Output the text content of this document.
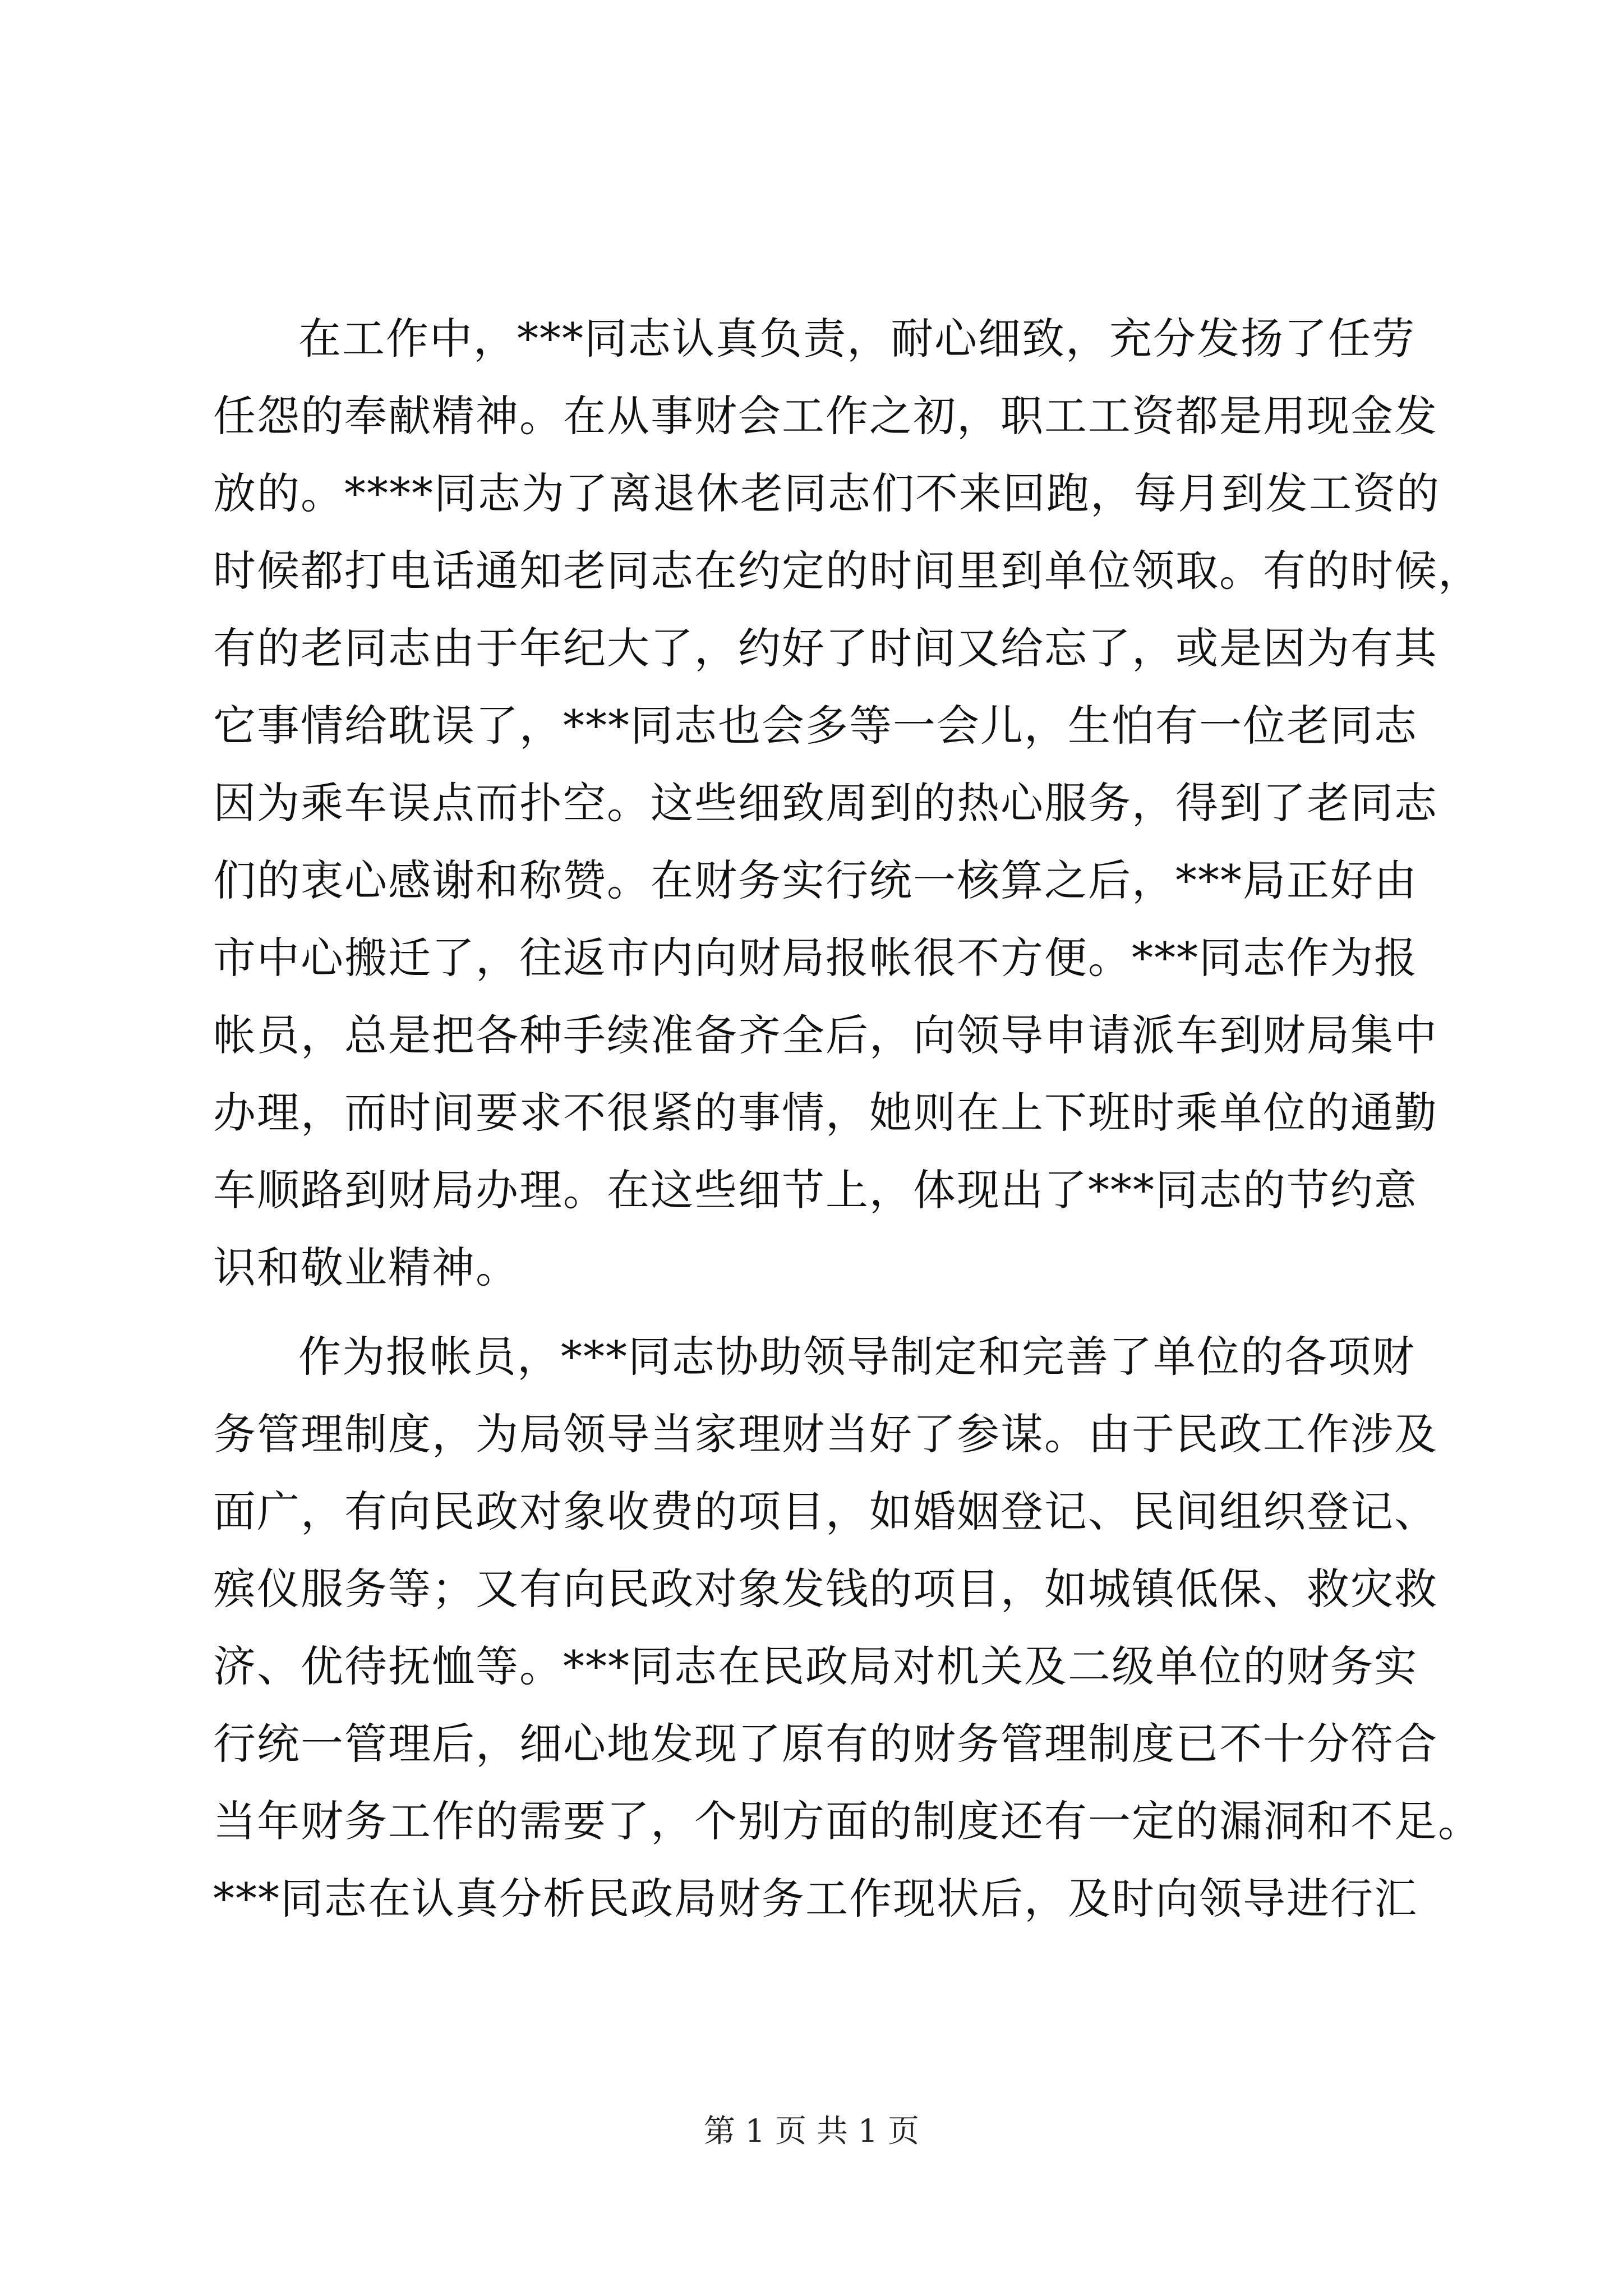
在工作中，***同志认真负责，耐心细致，充分发扬了任劳
任怨的奉献精神。在从事财会工作之初，职工工资都是用现金发
放的。****同志为了离退休老同志们不来回跑，每月到发工资的
时候都打电话通知老同志在约定的时间里到单位领取。有的时候，
有的老同志由于年纪大了，约好了时间又给忘了，或是因为有其
它事情给耽误了，***同志也会多等一会儿，生怕有一位老同志
因为乘车误点而扑空。这些细致周到的热心服务，得到了老同志
们的衷心感谢和称赞。在财务实行统一核算之后，***局正好由
市中心搬迁了，往返市内向财局报帐很不方便。***同志作为报
帐员，总是把各种手续准备齐全后，向领导申请派车到财局集中
办理，而时间要求不很紧的事情，她则在上下班时乘单位的通勤
车顺路到财局办理。在这些细节上，体现出了***同志的节约意
识和敬业精神。
作为报帐员，***同志协助领导制定和完善了单位的各项财
务管理制度，为局领导当家理财当好了参谋。由于民政工作涉及
面广，有向民政对象收费的项目，如婚姻登记、民间组织登记、
殡仪服务等；又有向民政对象发钱的项目，如城镇低保、救灾救
济、优待抚恤等。***同志在民政局对机关及二级单位的财务实
行统一管理后，细心地发现了原有的财务管理制度已不十分符合
当年财务工作的需要了，个别方面的制度还有一定的漏洞和不足。
***同志在认真分析民政局财务工作现状后，及时向领导进行汇
第 1 页 共 1 页
